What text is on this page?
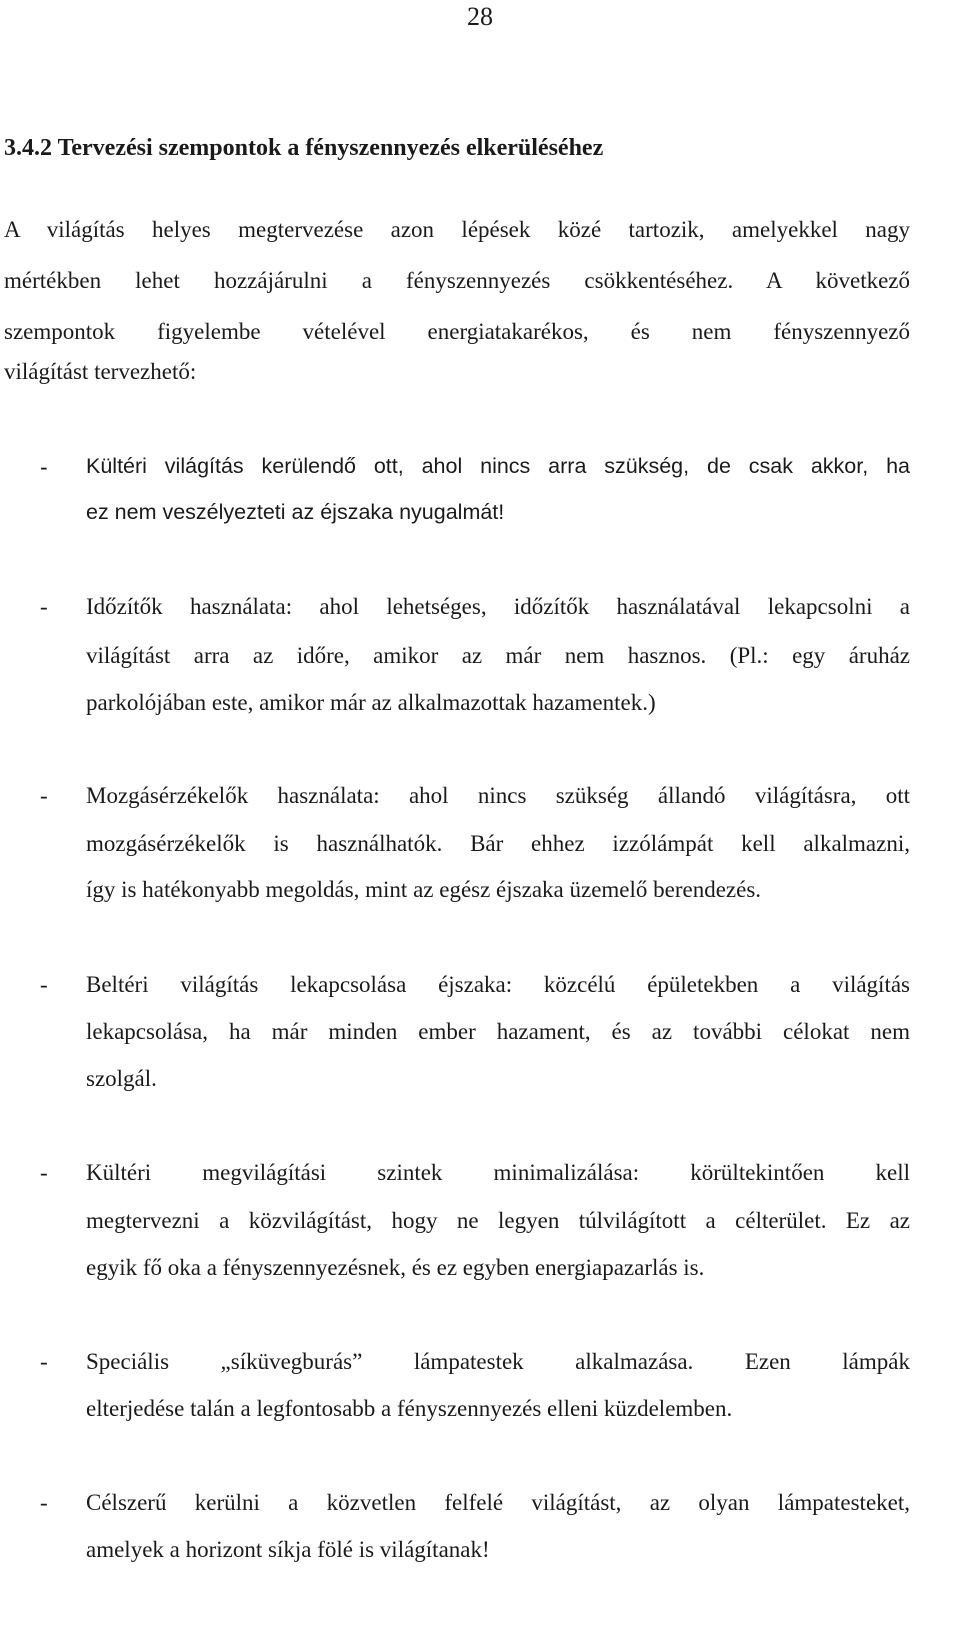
28
3.4.2 Tervezési szempontok a fényszennyezés elkerüléséhez
A világítás helyes megtervezése azon lépések közé tartozik, amelyekkel nagy
mértékben lehet hozzájárulni a fényszennyezés csökkentéséhez. A következő
szempontok figyelembe vételével energiatakarékos, és nem fényszennyező
világítást tervezhető:
- Kültéri világítás kerülendő ott, ahol nincs arra szükség, de csak akkor, ha
ez nem veszélyezteti az éjszaka nyugalmát!
- Időzítők használata: ahol lehetséges, időzítők használatával lekapcsolni a
világítást arra az időre, amikor az már nem hasznos. (Pl.: egy áruház
parkolójában este, amikor már az alkalmazottak hazamentek.)
- Mozgásérzékelők használata: ahol nincs szükség állandó világításra, ott
mozgásérzékelők is használhatók. Bár ehhez izzólámpát kell alkalmazni,
így is hatékonyabb megoldás, mint az egész éjszaka üzemelő berendezés.
- Beltéri világítás lekapcsolása éjszaka: közcélú épületekben a világítás
lekapcsolása, ha már minden ember hazament, és az további célokat nem
szolgál.
- Kültéri megvilágítási szintek minimalizálása: körültekintően kell
megtervezni a közvilágítást, hogy ne legyen túlvilágított a célterület. Ez az
egyik fő oka a fényszennyezésnek, és ez egyben energiapazarlás is.
- Speciális „síküvegburás” lámpatestek alkalmazása. Ezen lámpák
elterjedése talán a legfontosabb a fényszennyezés elleni küzdelemben.
- Célszerű kerülni a közvetlen felfelé világítást, az olyan lámpatesteket,
amelyek a horizont síkja fölé is világítanak!
